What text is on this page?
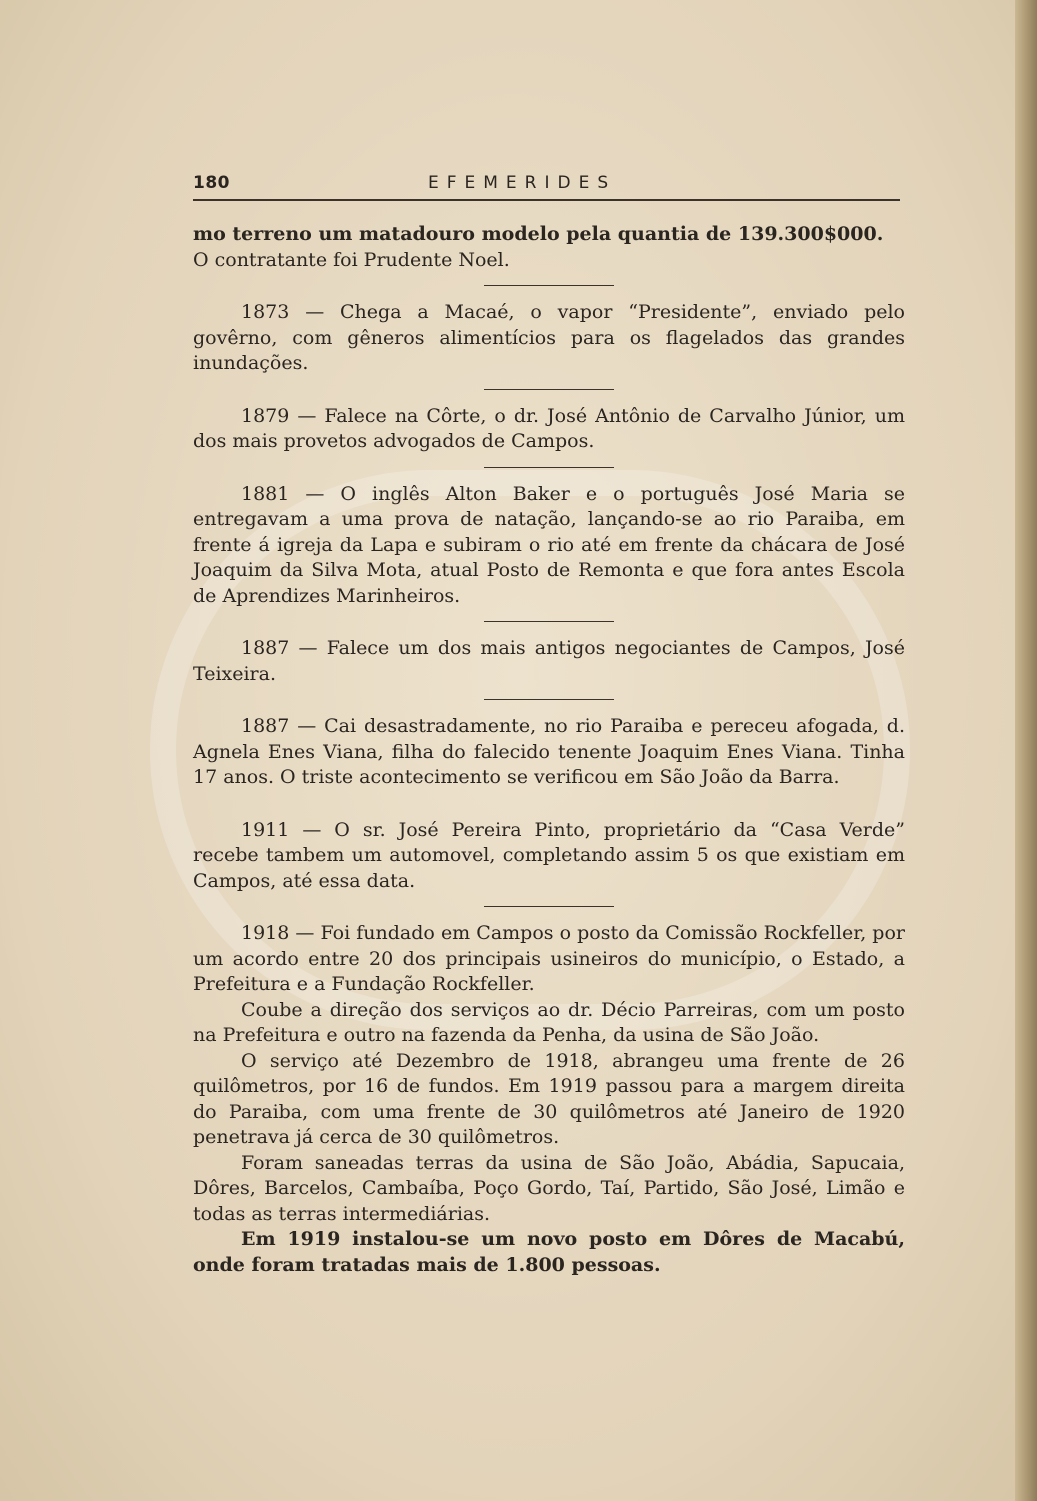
180	EFEMERIDES

mo terreno um matadouro modelo pela quantia de 139.300$000.

O contratante foi Prudente Noel.

1873 — Chega a Macaé, o vapor “Presidente”, enviado pelo govêrno, com gêneros alimentícios para os flagelados das grandes inundações.

1879 — Falece na Côrte, o dr. José Antônio de Carvalho Júnior, um dos mais provetos advogados de Campos.

1881 — O inglês Alton Baker e o português José Maria se entregavam a uma prova de natação, lançando-se ao rio Paraiba, em frente á igreja da Lapa e subiram o rio até em frente da chácara de José Joaquim da Silva Mota, atual Posto de Remonta e que fora antes Escola de Aprendizes Marinheiros.

1887 — Falece um dos mais antigos negociantes de Campos, José Teixeira.

1887 — Cai desastradamente, no rio Paraiba e pereceu afogada, d. Agnela Enes Viana, filha do falecido tenente Joaquim Enes Viana. Tinha 17 anos. O triste acontecimento se verificou em São João da Barra.

1911 — O sr. José Pereira Pinto, proprietário da “Casa Verde” recebe tambem um automovel, completando assim 5 os que existiam em Campos, até essa data.

1918 — Foi fundado em Campos o posto da Comissão Rockfeller, por um acordo entre 20 dos principais usineiros do município, o Estado, a Prefeitura e a Fundação Rockfeller.

Coube a direção dos serviços ao dr. Décio Parreiras, com um posto na Prefeitura e outro na fazenda da Penha, da usina de São João.

O serviço até Dezembro de 1918, abrangeu uma frente de 26 quilômetros, por 16 de fundos. Em 1919 passou para a margem direita do Paraiba, com uma frente de 30 quilômetros até Janeiro de 1920 penetrava já cerca de 30 quilômetros.

Foram saneadas terras da usina de São João, Abádia, Sapucaia, Dôres, Barcelos, Cambaíba, Poço Gordo, Taí, Partido, São José, Limão e todas as terras intermediárias.

Em 1919 instalou-se um novo posto em Dôres de Macabú, onde foram tratadas mais de 1.800 pessoas.
